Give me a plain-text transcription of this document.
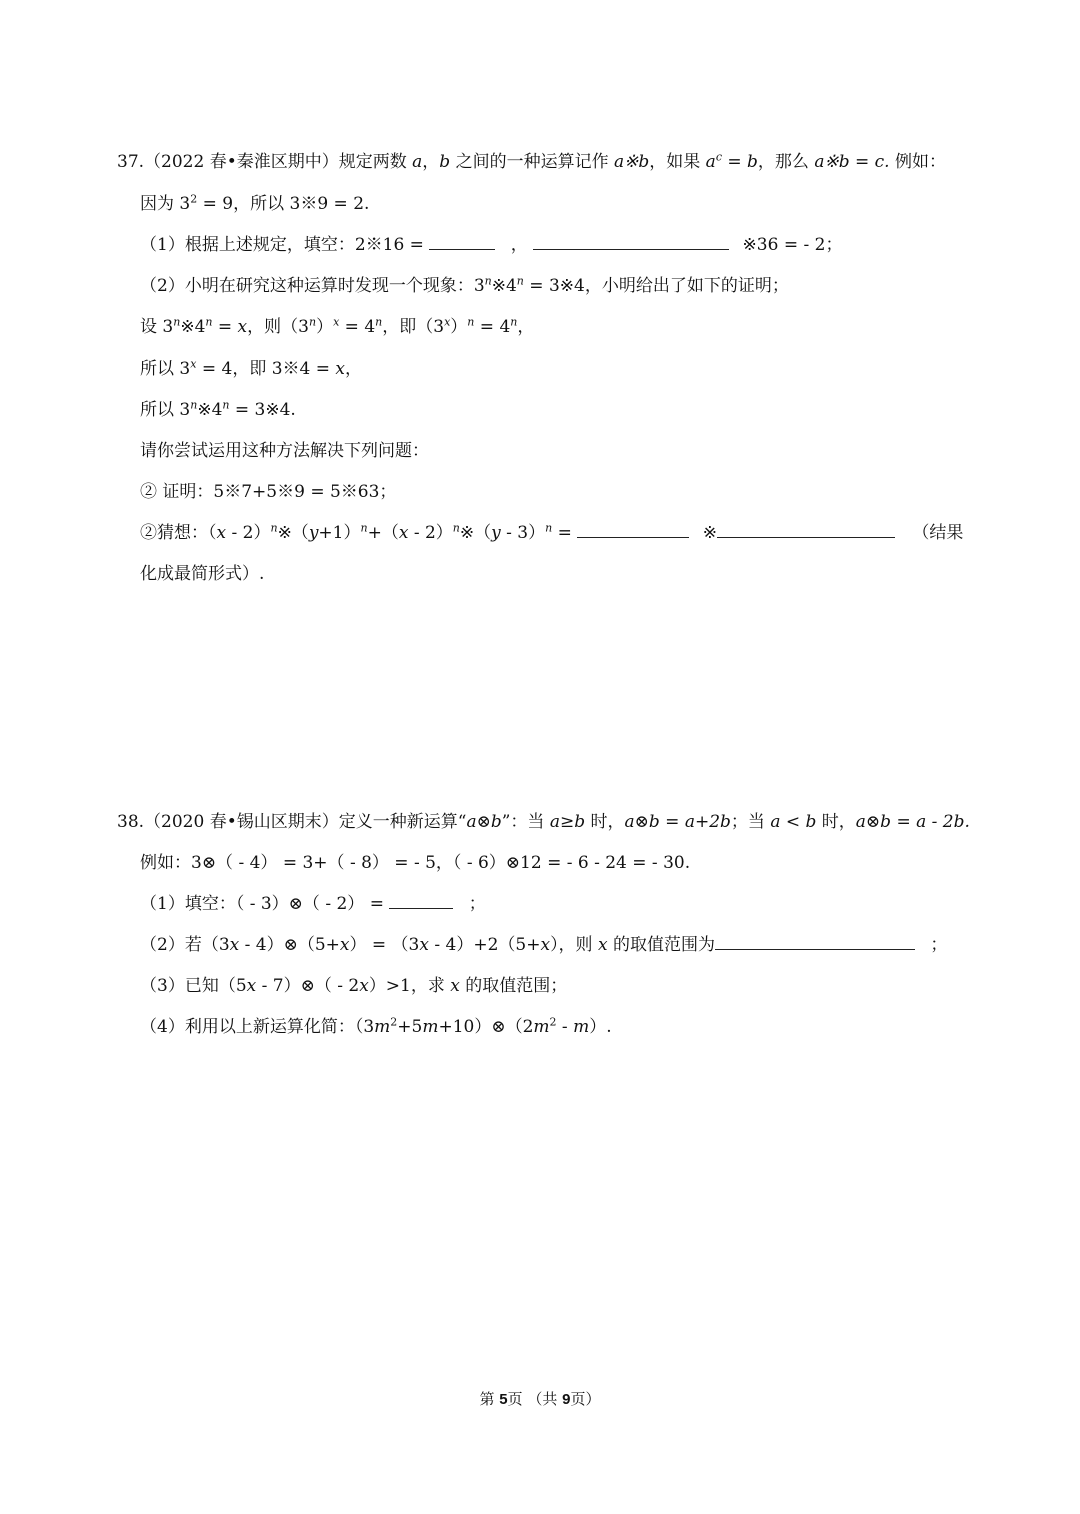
37.（2022 春•秦淮区期中）规定两数 a，b 之间的一种运算记作 a※b，如果 $a^c = b$，那么 a※b = c. 例如：
因为 $3^2 = 9$，所以 3※9 = 2.
（1）根据上述规定，填空：2※16 =	，	※36 = ‑ 2；
（2）小明在研究这种运算时发现一个现象：$3^n※4^n$ = 3※4，小明给出了如下的证明；
设 $3^n※4^n = x$，则$(3^n)^x = 4^n$，即$(3^x)^n = 4^n$，
所以 $3^x = 4$，即 3※4 = x，
所以 $3^n※4^n$ = 3※4.
请你尝试运用这种方法解决下列问题：
② 证明：5※7+5※9 = 5※63；
②猜想：（x ‑ $2)^n※(y+1)^n+(x$ ‑ 2）$^n$※（y ‑ 3）$^n$ =	※	（结果
化成最简形式）.
38.（2020 春•锡山区期末）定义一种新运算“a⊗b”：当 a≥b 时，a⊗b = a+2b；当 a < b 时，a⊗b = a ‑ 2b.
例如：3⊗（ ‑ 4） = 3+（ ‑ 8） = ‑ 5，（ ‑ 6）⊗12 = ‑ 6 ‑ 24 = ‑ 30.
（1）填空：（ ‑ 3）⊗（ ‑ 2） =	；
（2）若（3x ‑ 4）⊗（5+x） = （3x ‑ 4）+2（5+x），则 x 的取值范围为	；
（3）已知（5x ‑ 7）⊗（ ‑ 2x）>1，求 x 的取值范围；
（4）利用以上新运算化简：$(3m^2+5m+10)\otimes(2m^2$ ‑ m）.
第 5页 （共 9页）
